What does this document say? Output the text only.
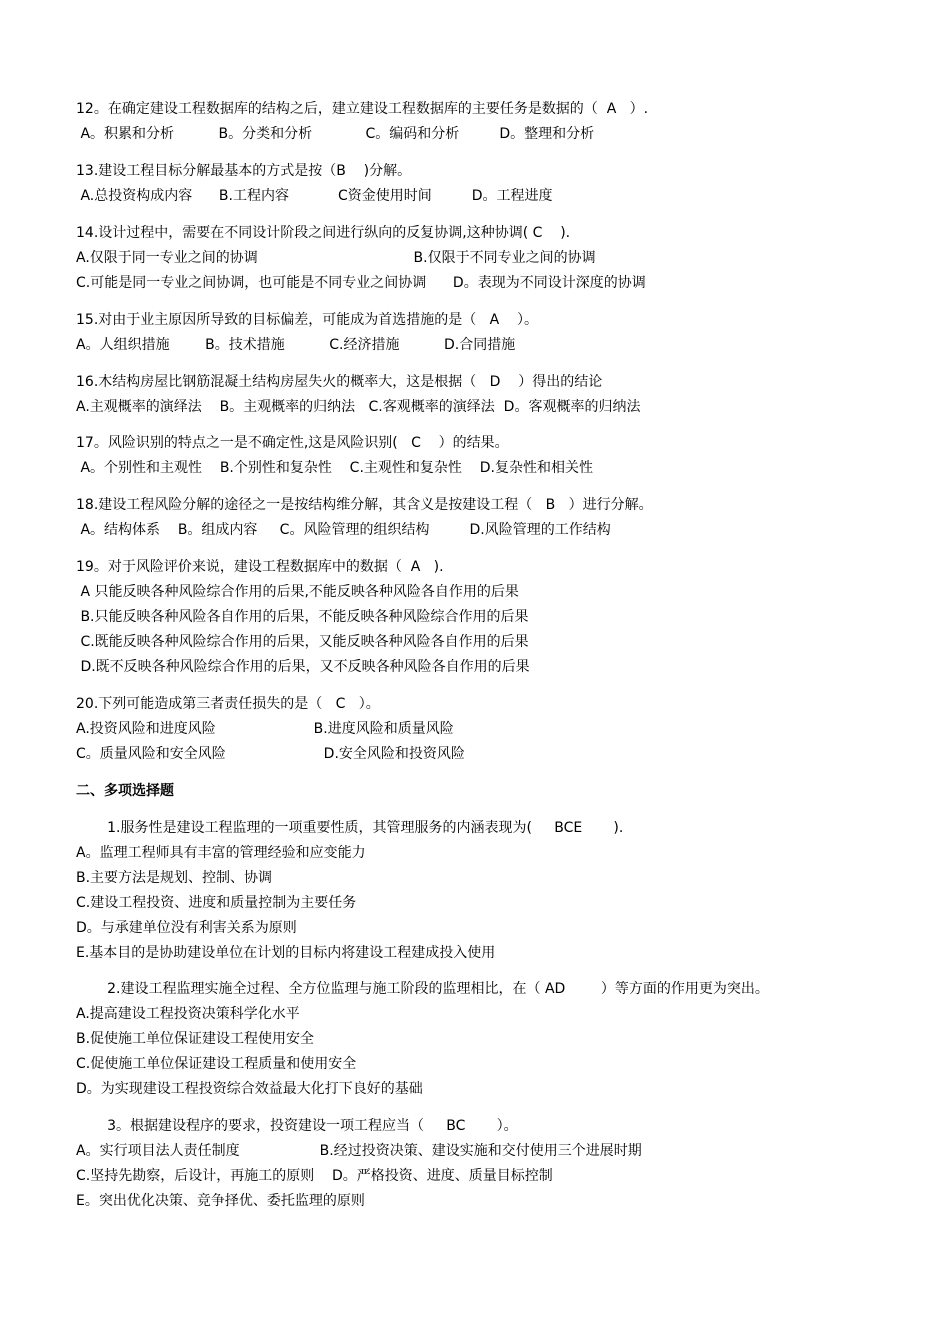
12。在确定建设工程数据库的结构之后，建立建设工程数据库的主要任务是数据的（  A   ）.
A。积累和分析          B。分类和分析            C。编码和分析         D。整理和分析
13.建设工程目标分解最基本的方式是按（B    )分解。
A.总投资构成内容      B.工程内容           C资金使用时间         D。工程进度
14.设计过程中，需要在不同设计阶段之间进行纵向的反复协调,这种协调( C    ).
A.仅限于同一专业之间的协调                                   B.仅限于不同专业之间的协调
C.可能是同一专业之间协调，也可能是不同专业之间协调      D。表现为不同设计深度的协调
15.对由于业主原因所导致的目标偏差，可能成为首选措施的是（   A    ）。
A。人组织措施        B。技术措施          C.经济措施          D.合同措施
16.木结构房屋比钢筋混凝土结构房屋失火的概率大，这是根据（   D    ）得出的结论
A.主观概率的演绎法    B。主观概率的归纳法   C.客观概率的演绎法  D。客观概率的归纳法
17。风险识别的特点之一是不确定性,这是风险识别(   C    ）的结果。
A。个别性和主观性    B.个别性和复杂性    C.主观性和复杂性    D.复杂性和相关性
18.建设工程风险分解的途径之一是按结构维分解，其含义是按建设工程（   B   ）进行分解。
A。结构体系    B。组成内容     C。风险管理的组织结构         D.风险管理的工作结构
19。对于风险评价来说，建设工程数据库中的数据（  A   ).
A 只能反映各种风险综合作用的后果,不能反映各种风险各自作用的后果
B.只能反映各种风险各自作用的后果，不能反映各种风险综合作用的后果
C.既能反映各种风险综合作用的后果，又能反映各种风险各自作用的后果
D.既不反映各种风险综合作用的后果，又不反映各种风险各自作用的后果
20.下列可能造成第三者责任损失的是（   C   ）。
A.投资风险和进度风险                      B.进度风险和质量风险
C。质量风险和安全风险                      D.安全风险和投资风险
二、多项选择题
1.服务性是建设工程监理的一项重要性质，其管理服务的内涵表现为(     BCE       ).
A。监理工程师具有丰富的管理经验和应变能力
B.主要方法是规划、控制、协调
C.建设工程投资、进度和质量控制为主要任务
D。与承建单位没有利害关系为原则
E.基本目的是协助建设单位在计划的目标内将建设工程建成投入使用
2.建设工程监理实施全过程、全方位监理与施工阶段的监理相比，在（ AD        ）等方面的作用更为突出。
A.提高建设工程投资决策科学化水平
B.促使施工单位保证建设工程使用安全
C.促使施工单位保证建设工程质量和使用安全
D。为实现建设工程投资综合效益最大化打下良好的基础
3。根据建设程序的要求，投资建设一项工程应当（     BC       ）。
A。实行项目法人责任制度                  B.经过投资决策、建设实施和交付使用三个进展时期
C.坚持先勘察，后设计，再施工的原则    D。严格投资、进度、质量目标控制
E。突出优化决策、竞争择优、委托监理的原则
